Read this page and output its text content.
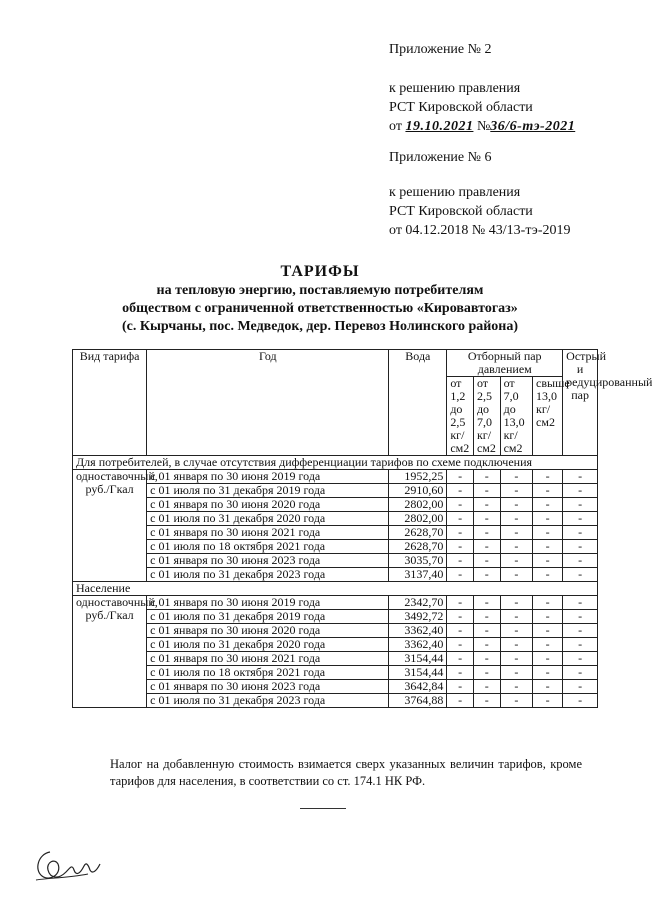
Приложение № 2
к решению правления
РСТ Кировской области
от 19.10.2021 №36/6-тэ-2021
Приложение № 6
к решению правления
РСТ Кировской области
от 04.12.2018 № 43/13-тэ-2019
ТАРИФЫ
на тепловую энергию, поставляемую потребителям
обществом с ограниченной ответственностью «Кировавтогаз»
(с. Кырчаны, пос. Медведок, дер. Перевоз Нолинского района)
Вид тарифа	Год	Вода	Отборный пар давлением				Острый и редуцированный пар
			от 1,2 до 2,5 кг/см2	от 2,5 до 7,0 кг/см2	от 7,0 до 13,0 кг/см2	свыше 13,0 кг/см2	
Для потребителей, в случае отсутствия дифференциации тарифов по схеме подключения							
одноставочный, руб./Гкал	с 01 января по 30 июня 2019 года	1952,25	-	-	-	-	-
	с 01 июля по 31 декабря 2019 года	2910,60	-	-	-	-	-
	с 01 января по 30 июня 2020 года	2802,00	-	-	-	-	-
	с 01 июля по 31 декабря 2020 года	2802,00	-	-	-	-	-
	с 01 января по 30 июня 2021 года	2628,70	-	-	-	-	-
	с 01 июля по 18 октября 2021 года	2628,70	-	-	-	-	-
	с 01 января по 30 июня 2023 года	3035,70	-	-	-	-	-
	с 01 июля по 31 декабря 2023 года	3137,40	-	-	-	-	-
Население							
одноставочный, руб./Гкал	с 01 января по 30 июня 2019 года	2342,70	-	-	-	-	-
	с 01 июля по 31 декабря 2019 года	3492,72	-	-	-	-	-
	с 01 января по 30 июня 2020 года	3362,40	-	-	-	-	-
	с 01 июля по 31 декабря 2020 года	3362,40	-	-	-	-	-
	с 01 января по 30 июня 2021 года	3154,44	-	-	-	-	-
	с 01 июля по 18 октября 2021 года	3154,44	-	-	-	-	-
	с 01 января по 30 июня 2023 года	3642,84	-	-	-	-	-
	с 01 июля по 31 декабря 2023 года	3764,88	-	-	-	-	-
Налог на добавленную стоимость взимается сверх указанных величин тарифов, кроме тарифов для населения, в соответствии со ст. 174.1 НК РФ.
